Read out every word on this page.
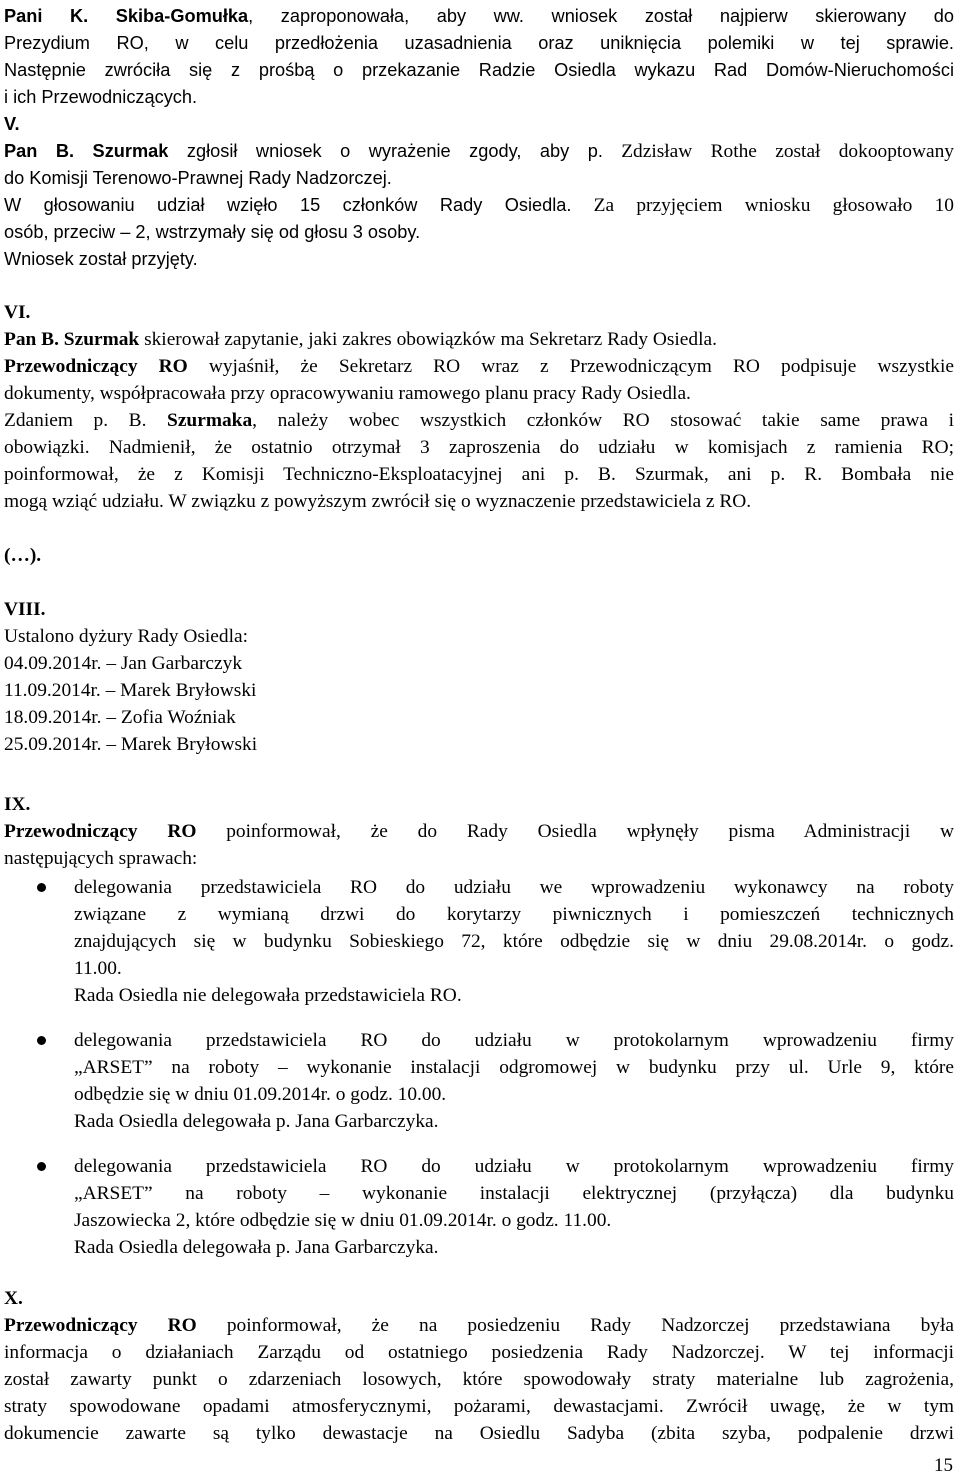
Pani K. Skiba-Gomułka, zaproponowała, aby ww. wniosek został najpierw skierowany do
Prezydium RO, w celu przedłożenia uzasadnienia oraz uniknięcia polemiki w tej sprawie.
Następnie zwróciła się z prośbą o przekazanie Radzie Osiedla wykazu Rad Domów-Nieruchomości
i ich Przewodniczących.
V.
Pan B. Szurmak zgłosił wniosek o wyrażenie zgody, aby p. Zdzisław Rothe został dokooptowany
do Komisji Terenowo-Prawnej Rady Nadzorczej.
W głosowaniu udział wzięło 15 członków Rady Osiedla. Za przyjęciem wniosku głosowało 10
osób, przeciw – 2, wstrzymały się od głosu 3 osoby.
Wniosek został przyjęty.
VI.
Pan B. Szurmak skierował zapytanie, jaki zakres obowiązków ma Sekretarz Rady Osiedla.
Przewodniczący RO wyjaśnił, że Sekretarz RO wraz z Przewodniczącym RO podpisuje wszystkie
dokumenty, współpracowała przy opracowywaniu ramowego planu pracy Rady Osiedla.
Zdaniem p. B. Szurmaka, należy wobec wszystkich członków RO stosować takie same prawa i
obowiązki. Nadmienił, że ostatnio otrzymał 3 zaproszenia do udziału w komisjach z ramienia RO;
poinformował, że z Komisji Techniczno-Eksploatacyjnej ani p. B. Szurmak, ani p. R. Bombała nie
mogą wziąć udziału. W związku z powyższym zwrócił się o wyznaczenie przedstawiciela z RO.
(…).
VIII.
Ustalono dyżury Rady Osiedla:
04.09.2014r. – Jan Garbarczyk
11.09.2014r. – Marek Bryłowski
18.09.2014r. – Zofia Woźniak
25.09.2014r. – Marek Bryłowski
IX.
Przewodniczący RO poinformował, że do Rady Osiedla wpłynęły pisma Administracji w
następujących sprawach:
delegowania przedstawiciela RO do udziału we wprowadzeniu wykonawcy na roboty
związane z wymianą drzwi do korytarzy piwnicznych i pomieszczeń technicznych
znajdujących się w budynku Sobieskiego 72, które odbędzie się w dniu 29.08.2014r. o godz.
11.00.
Rada Osiedla nie delegowała przedstawiciela RO.
delegowania przedstawiciela RO do udziału w protokolarnym wprowadzeniu firmy
„ARSET” na roboty – wykonanie instalacji odgromowej w budynku przy ul. Urle 9, które
odbędzie się w dniu 01.09.2014r. o godz. 10.00.
Rada Osiedla delegowała p. Jana Garbarczyka.
delegowania przedstawiciela RO do udziału w protokolarnym wprowadzeniu firmy
„ARSET” na roboty – wykonanie instalacji elektrycznej (przyłącza) dla budynku
Jaszowiecka 2, które odbędzie się w dniu 01.09.2014r. o godz. 11.00.
Rada Osiedla delegowała p. Jana Garbarczyka.
X.
Przewodniczący RO poinformował, że na posiedzeniu Rady Nadzorczej przedstawiana była
informacja o działaniach Zarządu od ostatniego posiedzenia Rady Nadzorczej. W tej informacji
został zawarty punkt o zdarzeniach losowych, które spowodowały straty materialne lub zagrożenia,
straty spowodowane opadami atmosferycznymi, pożarami, dewastacjami. Zwrócił uwagę, że w tym
dokumencie zawarte są tylko dewastacje na Osiedlu Sadyba (zbita szyba, podpalenie drzwi
15
